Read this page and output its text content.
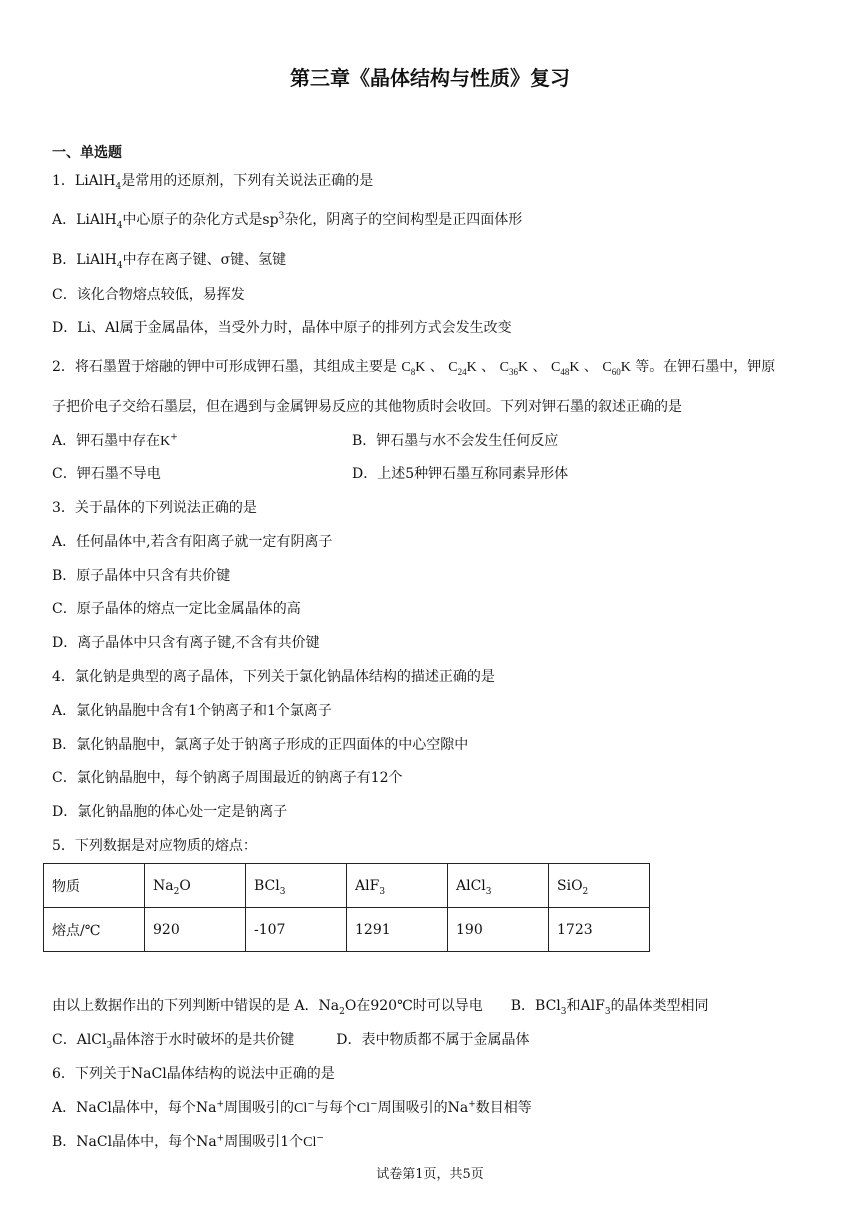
第三章《晶体结构与性质》复习
一、单选题
1．LiAlH$_4$是常用的还原剂，下列有关说法正确的是
A．LiAlH$_4$中心原子的杂化方式是$sp^3$杂化，阴离子的空间构型是正四面体形
B．LiAlH$_4$中存在离子键、σ键、氢键
C．该化合物熔点较低，易挥发
D．Li、Al属于金属晶体，当受外力时，晶体中原子的排列方式会发生改变
2．将石墨置于熔融的钾中可形成钾石墨，其组成主要是 $C_8K$ 、 $C_{24}K$ 、 $C_{36}K$ 、 $C_{48}K$ 、 $C_{60}K$ 等。在钾石墨中，钾原
子把价电子交给石墨层，但在遇到与金属钾易反应的其他物质时会收回。下列对钾石墨的叙述正确的是
A．钾石墨中存在K+	B．钾石墨与水不会发生任何反应
C．钾石墨不导电	D．上述5种钾石墨互称同素异形体
3．关于晶体的下列说法正确的是
A．任何晶体中,若含有阳离子就一定有阴离子
B．原子晶体中只含有共价键
C．原子晶体的熔点一定比金属晶体的高
D．离子晶体中只含有离子键,不含有共价键
4．氯化钠是典型的离子晶体，下列关于氯化钠晶体结构的描述正确的是
A．氯化钠晶胞中含有1个钠离子和1个氯离子
B．氯化钠晶胞中，氯离子处于钠离子形成的正四面体的中心空隙中
C．氯化钠晶胞中，每个钠离子周围最近的钠离子有12个
D．氯化钠晶胞的体心处一定是钠离子
5．下列数据是对应物质的熔点：
物质	$Na_2O$	BCl$_3$	AlF$_3$	AlCl$_3$	SiO$_2$
熔点/℃	920	-107	1291	190	1723
由以上数据作出的下列判断中错误的是 A．$Na_2O$在920℃时可以导电　　B．BCl$_3$和AlF$_3$的晶体类型相同
C．AlCl$_3$晶体溶于水时破坏的是共价键　　　D．表中物质都不属于金属晶体
6．下列关于NaCl晶体结构的说法中正确的是
A．NaCl晶体中，每个Na+周围吸引的Cl−与每个Cl−周围吸引的Na+数目相等
B．NaCl晶体中，每个Na+周围吸引1个Cl−
试卷第1页，共5页
